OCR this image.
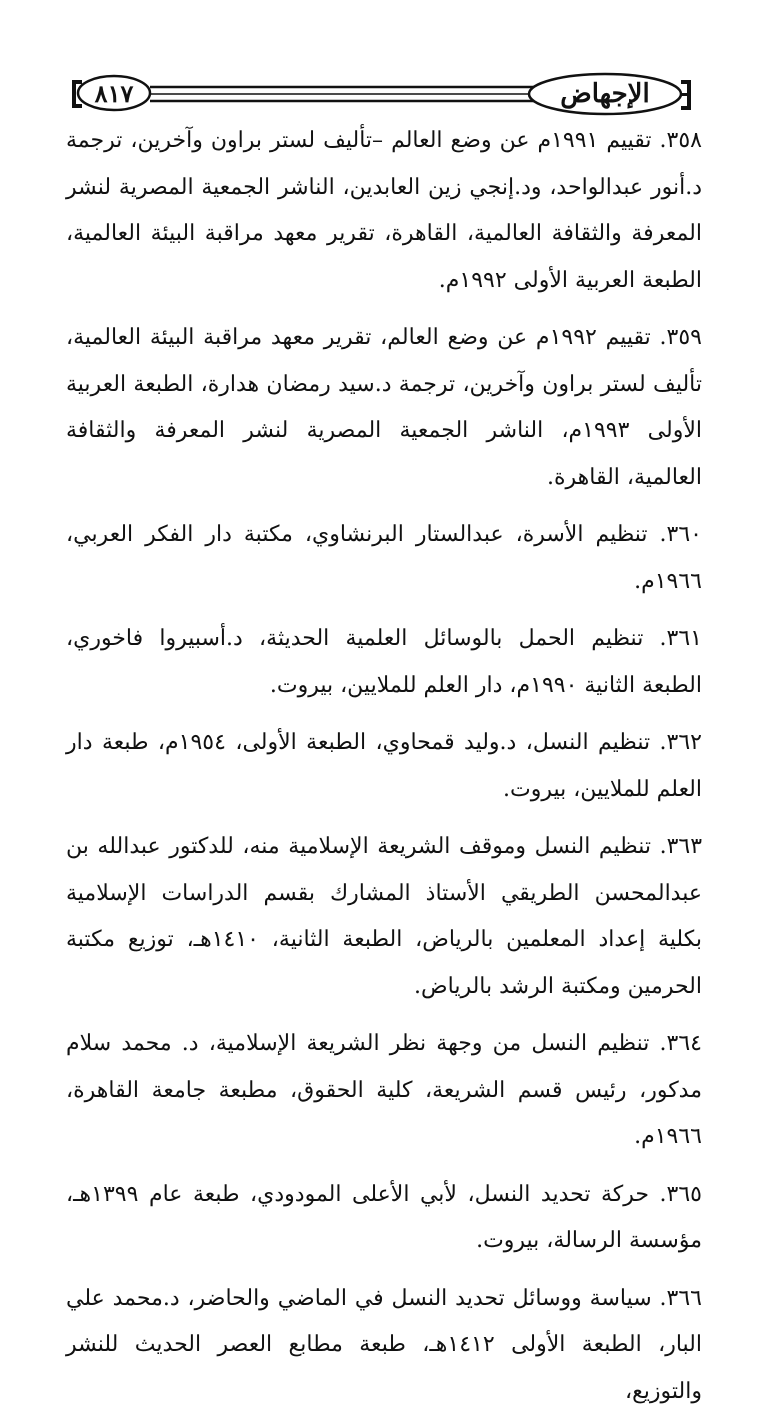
الإجهاض
٨١٧

٣٥٨. تقييم ١٩٩١م عن وضع العالم –تأليف لستر براون وآخرين، ترجمة د.أنور عبدالواحد، ود.إنجي زين العابدين، الناشر الجمعية المصرية لنشر المعرفة والثقافة العالمية، القاهرة، تقرير معهد مراقبة البيئة العالمية، الطبعة العربية الأولى ١٩٩٢م.

٣٥٩. تقييم ١٩٩٢م عن وضع العالم، تقرير معهد مراقبة البيئة العالمية، تأليف لستر براون وآخرين، ترجمة د.سيد رمضان هدارة، الطبعة العربية الأولى ١٩٩٣م، الناشر الجمعية المصرية لنشر المعرفة والثقافة العالمية، القاهرة.

٣٦٠. تنظيم الأسرة، عبدالستار البرنشاوي، مكتبة دار الفكر العربي، ١٩٦٦م.

٣٦١. تنظيم الحمل بالوسائل العلمية الحديثة، د.أسبيروا فاخوري، الطبعة الثانية ١٩٩٠م، دار العلم للملايين، بيروت.

٣٦٢. تنظيم النسل، د.وليد قمحاوي، الطبعة الأولى، ١٩٥٤م، طبعة دار العلم للملايين، بيروت.

٣٦٣. تنظيم النسل وموقف الشريعة الإسلامية منه، للدكتور عبدالله بن عبدالمحسن الطريقي الأستاذ المشارك بقسم الدراسات الإسلامية بكلية إعداد المعلمين بالرياض، الطبعة الثانية، ١٤١٠هـ، توزيع مكتبة الحرمين ومكتبة الرشد بالرياض.

٣٦٤. تنظيم النسل من وجهة نظر الشريعة الإسلامية، د. محمد سلام مدكور، رئيس قسم الشريعة، كلية الحقوق، مطبعة جامعة القاهرة، ١٩٦٦م.

٣٦٥. حركة تحديد النسل، لأبي الأعلى المودودي، طبعة عام ١٣٩٩هـ، مؤسسة الرسالة، بيروت.

٣٦٦. سياسة ووسائل تحديد النسل في الماضي والحاضر، د.محمد علي البار، الطبعة الأولى ١٤١٢هـ، طبعة مطابع العصر الحديث للنشر والتوزيع،
